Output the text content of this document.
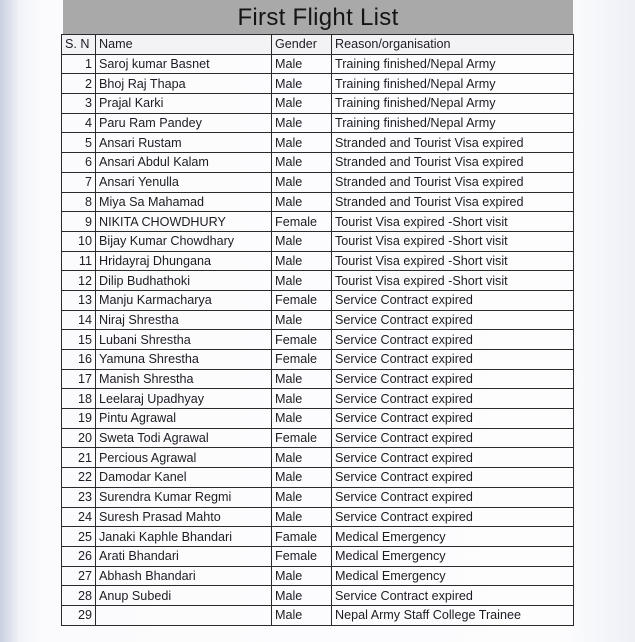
First Flight List
S. N	Name	Gender	Reason/organisation
1	Saroj kumar Basnet	Male	Training finished/Nepal Army
2	Bhoj Raj Thapa	Male	Training finished/Nepal Army
3	Prajal Karki	Male	Training finished/Nepal Army
4	Paru Ram Pandey	Male	Training finished/Nepal Army
5	Ansari Rustam	Male	Stranded and Tourist Visa expired
6	Ansari Abdul Kalam	Male	Stranded and Tourist Visa expired
7	Ansari Yenulla	Male	Stranded and Tourist Visa expired
8	Miya Sa Mahamad	Male	Stranded and Tourist Visa expired
9	NIKITA CHOWDHURY	Female	Tourist Visa expired -Short visit
10	Bijay Kumar Chowdhary	Male	Tourist Visa expired -Short visit
11	Hridayraj Dhungana	Male	Tourist Visa expired -Short visit
12	Dilip Budhathoki	Male	Tourist Visa expired -Short visit
13	Manju Karmacharya	Female	Service Contract expired
14	Niraj Shrestha	Male	Service Contract expired
15	Lubani Shrestha	Female	Service Contract expired
16	Yamuna Shrestha	Female	Service Contract expired
17	Manish Shrestha	Male	Service Contract expired
18	Leelaraj Upadhyay	Male	Service Contract expired
19	Pintu Agrawal	Male	Service Contract expired
20	Sweta Todi Agrawal	Female	Service Contract expired
21	Percious Agrawal	Male	Service Contract expired
22	Damodar Kanel	Male	Service Contract expired
23	Surendra Kumar Regmi	Male	Service Contract expired
24	Suresh Prasad Mahto	Male	Service Contract expired
25	Janaki Kaphle Bhandari	Famale	Medical Emergency
26	Arati Bhandari	Female	Medical Emergency
27	Abhash Bhandari	Male	Medical Emergency
28	Anup Subedi	Male	Service Contract expired
29		Male	Nepal Army Staff College Trainee
